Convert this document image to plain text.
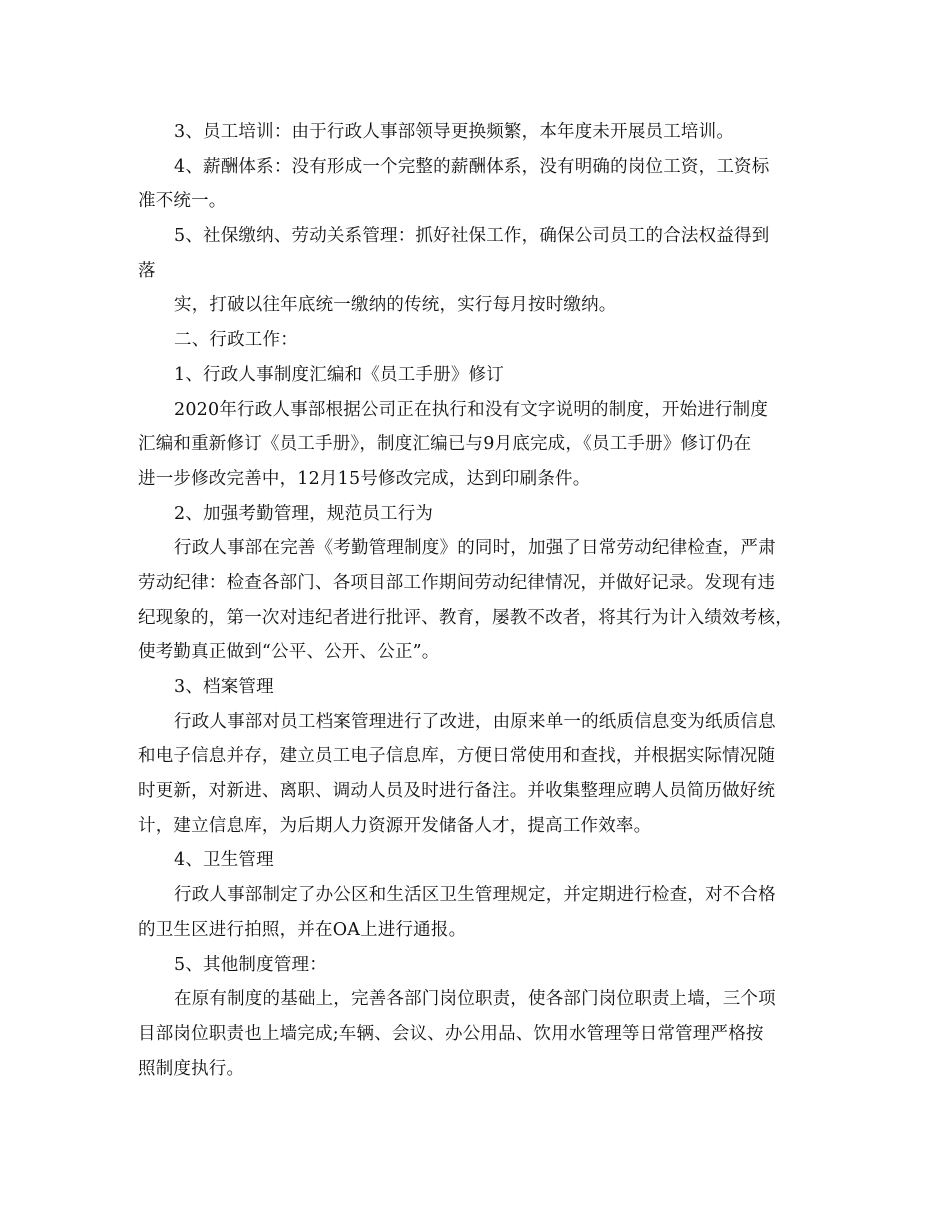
3、员工培训：由于行政人事部领导更换频繁，本年度未开展员工培训。
4、薪酬体系：没有形成一个完整的薪酬体系，没有明确的岗位工资，工资标
准不统一。
5、社保缴纳、劳动关系管理：抓好社保工作，确保公司员工的合法权益得到
落
实，打破以往年底统一缴纳的传统，实行每月按时缴纳。
二、行政工作：
1、行政人事制度汇编和《员工手册》修订
2020年行政人事部根据公司正在执行和没有文字说明的制度，开始进行制度
汇编和重新修订《员工手册》，制度汇编已与9月底完成，《员工手册》修订仍在
进一步修改完善中，12月15号修改完成，达到印刷条件。
2、加强考勤管理，规范员工行为
行政人事部在完善《考勤管理制度》的同时，加强了日常劳动纪律检查，严肃
劳动纪律：检查各部门、各项目部工作期间劳动纪律情况，并做好记录。发现有违
纪现象的，第一次对违纪者进行批评、教育，屡教不改者，将其行为计入绩效考核，
使考勤真正做到“公平、公开、公正”。
3、档案管理
行政人事部对员工档案管理进行了改进，由原来单一的纸质信息变为纸质信息
和电子信息并存，建立员工电子信息库，方便日常使用和查找，并根据实际情况随
时更新，对新进、离职、调动人员及时进行备注。并收集整理应聘人员简历做好统
计，建立信息库，为后期人力资源开发储备人才，提高工作效率。
4、卫生管理
行政人事部制定了办公区和生活区卫生管理规定，并定期进行检查，对不合格
的卫生区进行拍照，并在OA上进行通报。
5、其他制度管理：
在原有制度的基础上，完善各部门岗位职责，使各部门岗位职责上墙，三个项
目部岗位职责也上墙完成;车辆、会议、办公用品、饮用水管理等日常管理严格按
照制度执行。
